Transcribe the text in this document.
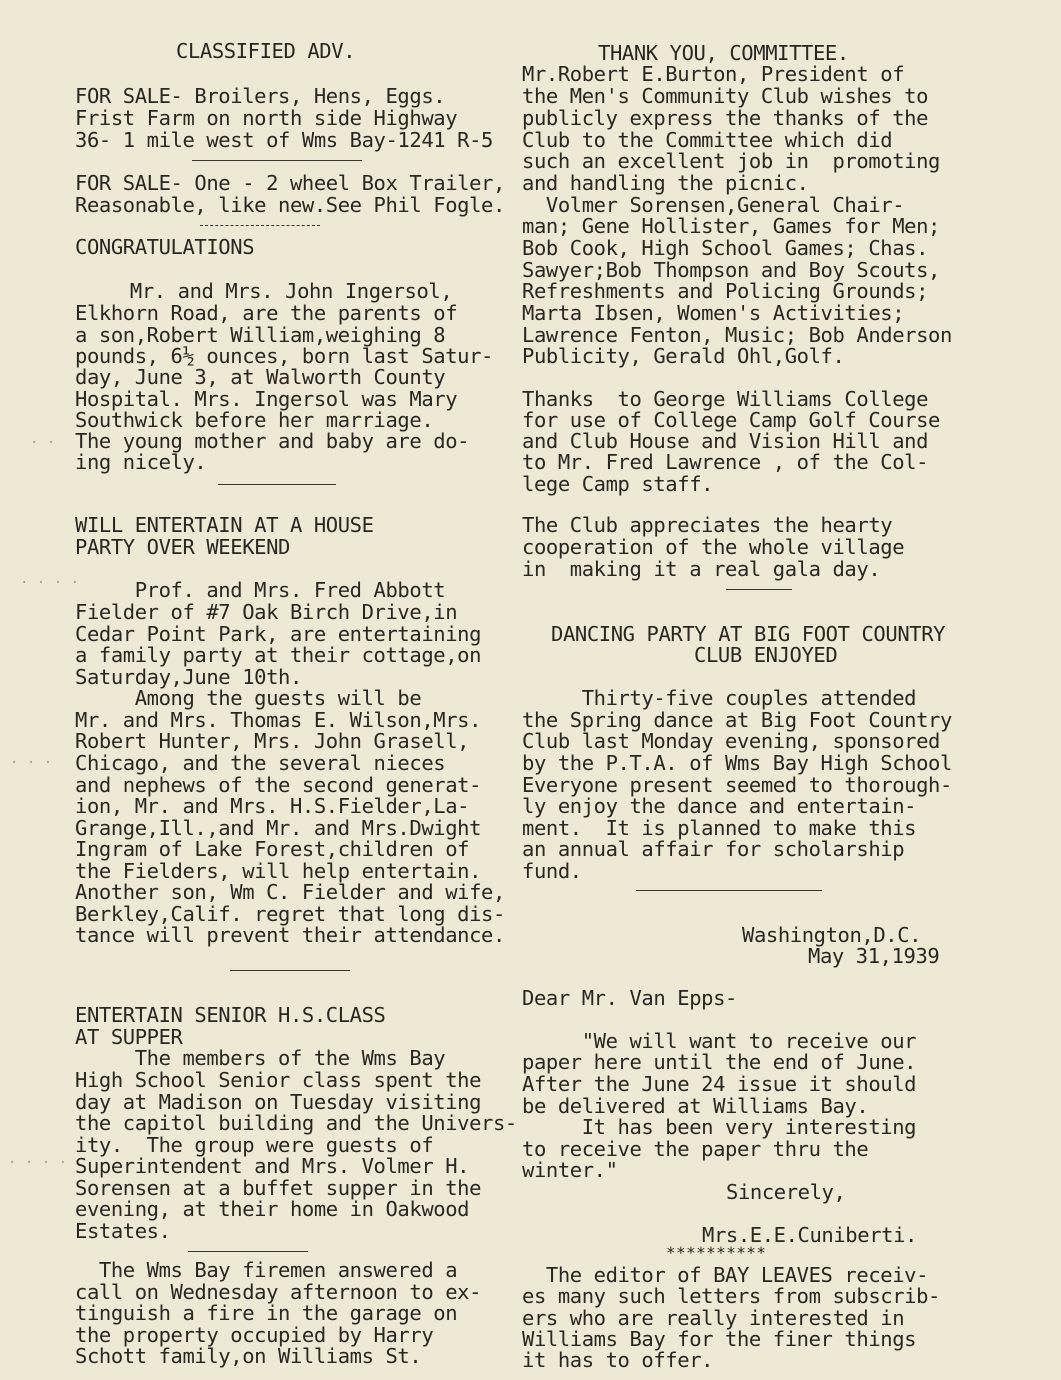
CLASSIFIED ADV.

FOR SALE- Broilers, Hens, Eggs.

Frist Farm on north side Highway

36- 1 mile west of Wms Bay-1241 R-5

FOR SALE- One - 2 wheel Box Trailer,

Reasonable, like new.See Phil Fogle.

CONGRATULATIONS

Mr. and Mrs. John Ingersol,

Elkhorn Road, are the parents of

a son,Robert William,weighing 8

pounds, 6½ ounces, born last Satur-

day, June 3, at Walworth County

Hospital. Mrs. Ingersol was Mary

Southwick before her marriage.

The young mother and baby are do-

ing nicely.

WILL ENTERTAIN AT A HOUSE

PARTY OVER WEEKEND

Prof. and Mrs. Fred Abbott

Fielder of #7 Oak Birch Drive,in

Cedar Point Park, are entertaining

a family party at their cottage,on

Saturday,June 10th.

Among the guests will be

Mr. and Mrs. Thomas E. Wilson,Mrs.

Robert Hunter, Mrs. John Grasell,

Chicago, and the several nieces

and nephews of the second generat-

ion, Mr. and Mrs. H.S.Fielder,La-

Grange,Ill.,and Mr. and Mrs.Dwight

Ingram of Lake Forest,children of

the Fielders, will help entertain.

Another son, Wm C. Fielder and wife,

Berkley,Calif. regret that long dis-

tance will prevent their attendance.

ENTERTAIN SENIOR H.S.CLASS

AT SUPPER

The members of the Wms Bay

High School Senior class spent the

day at Madison on Tuesday visiting

the capitol building and the Univers-

ity.  The group were guests of

Superintendent and Mrs. Volmer H.

Sorensen at a buffet supper in the

evening, at their home in Oakwood

Estates.

The Wms Bay firemen answered a

call on Wednesday afternoon to ex-

tinguish a fire in the garage on

the property occupied by Harry

Schott family,on Williams St.

THANK YOU, COMMITTEE.

Mr.Robert E.Burton, President of

the Men's Community Club wishes to

publicly express the thanks of the

Club to the Committee which did

such an excellent job in  promoting

and handling the picnic.

Volmer Sorensen,General Chair-

man; Gene Hollister, Games for Men;

Bob Cook, High School Games; Chas.

Sawyer;Bob Thompson and Boy Scouts,

Refreshments and Policing Grounds;

Marta Ibsen, Women's Activities;

Lawrence Fenton, Music; Bob Anderson

Publicity, Gerald Ohl,Golf.

Thanks  to George Williams College

for use of College Camp Golf Course

and Club House and Vision Hill and

to Mr. Fred Lawrence , of the Col-

lege Camp staff.

The Club appreciates the hearty

cooperation of the whole village

in  making it a real gala day.

DANCING PARTY AT BIG FOOT COUNTRY

CLUB ENJOYED

Thirty-five couples attended

the Spring dance at Big Foot Country

Club last Monday evening, sponsored

by the P.T.A. of Wms Bay High School

Everyone present seemed to thorough-

ly enjoy the dance and entertain-

ment.  It is planned to make this

an annual affair for scholarship

fund.

Washington,D.C.

May 31,1939

Dear Mr. Van Epps-

"We will want to receive our

paper here until the end of June.

After the June 24 issue it should

be delivered at Williams Bay.

It has been very interesting

to receive the paper thru the

winter."

Sincerely,

Mrs.E.E.Cuniberti.

**********

The editor of BAY LEAVES receiv-

es many such letters from subscrib-

ers who are really interested in

Williams Bay for the finer things

it has to offer.

· · · ·
· ·
· · ·
· · · ·
